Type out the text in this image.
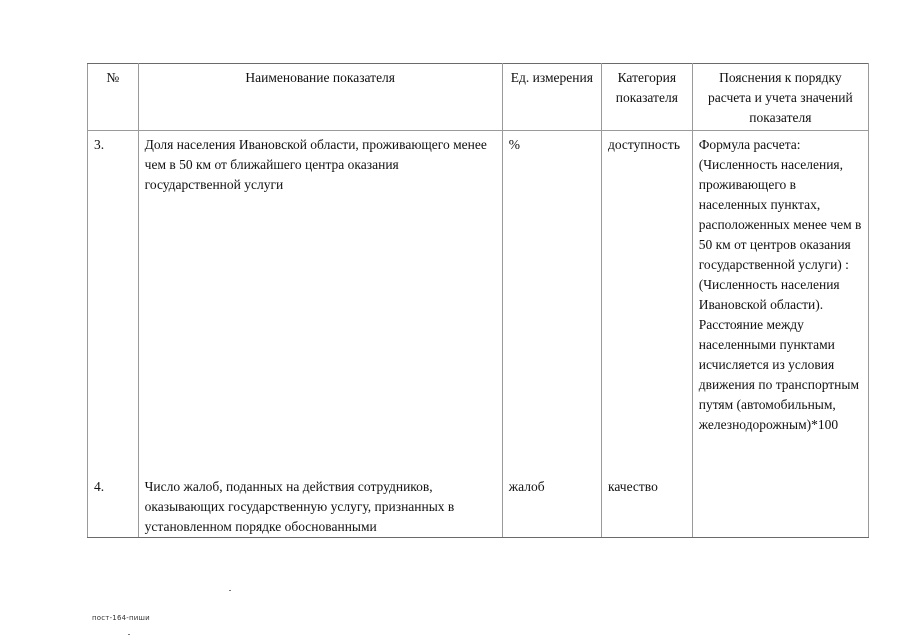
№	Наименование показателя	Ед. измерения	Категория показателя	Пояснения к порядку расчета и учета значений показателя
3.	Доля населения Ивановской области, проживающего менее чем в 50 км от ближайшего центра оказания государственной услуги	%	доступность	Формула расчета: (Численность населения, проживающего в населенных пунктах, расположенных менее чем в 50 км от центров оказания государственной услуги) : (Численность населения Ивановской области). Расстояние между населенными пунктами исчисляется из условия движения по транспортным путям (автомобильным, железнодорожным)*100
4.	Число жалоб, поданных на действия сотрудников, оказывающих государственную услугу, признанных в установленном порядке обоснованными	жалоб	качество	
пост-164-пиши
